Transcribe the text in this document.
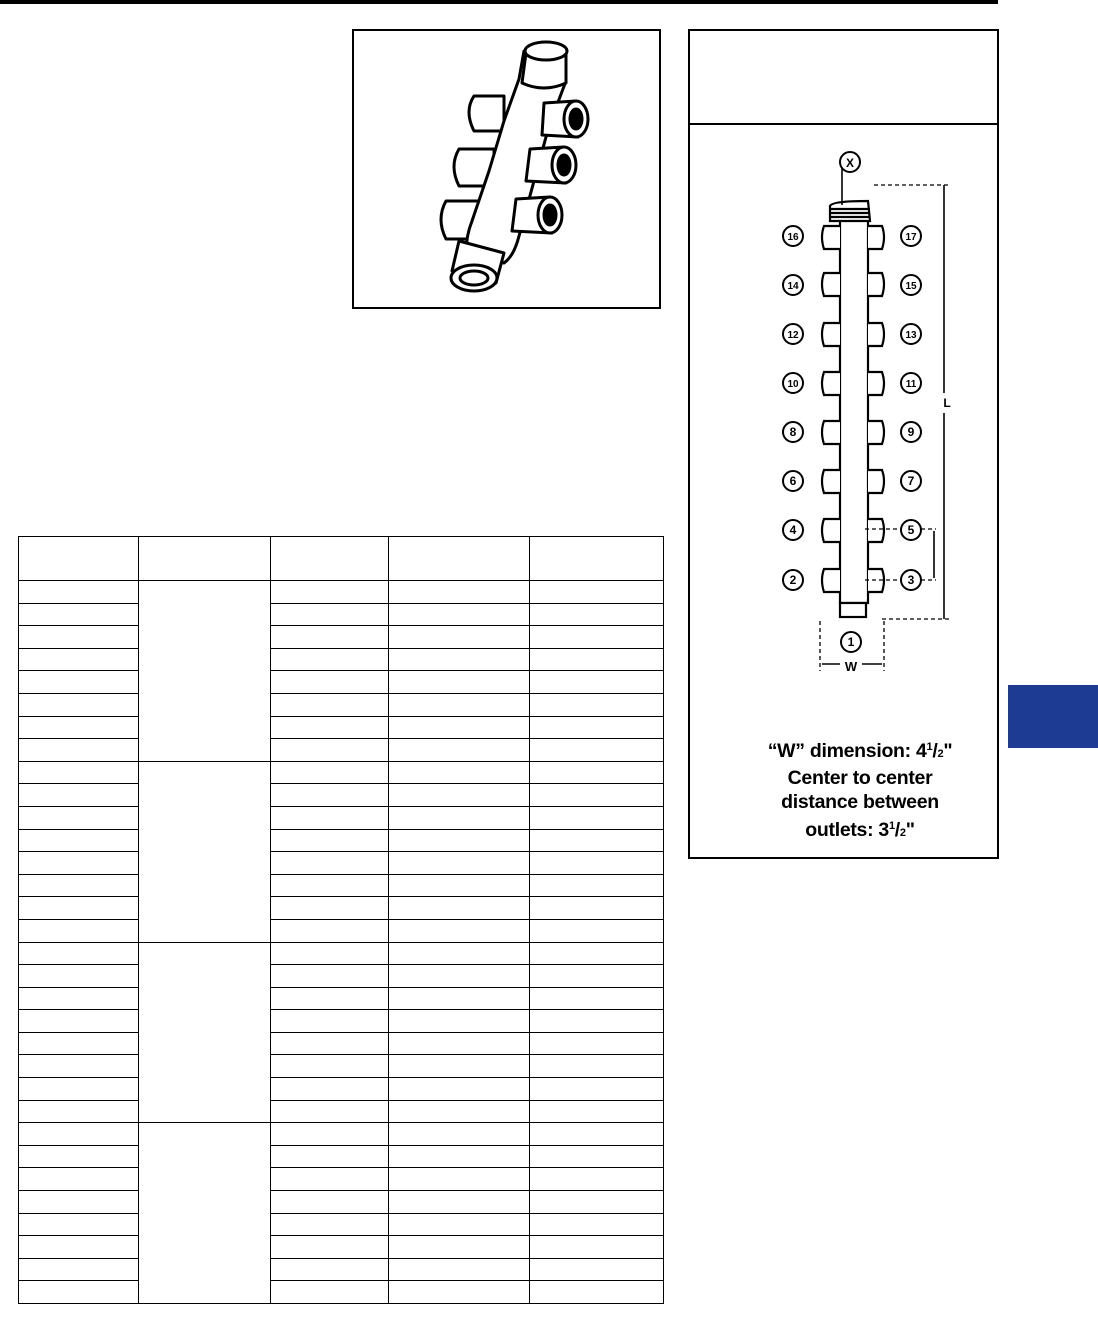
X
16	17
14	15
12	13
10	11
8	9
6	7
4	5
2	3
1
L
W
“W” dimension: $4^1/2$"
Center to center
distance between
outlets: $3^1/2$"
